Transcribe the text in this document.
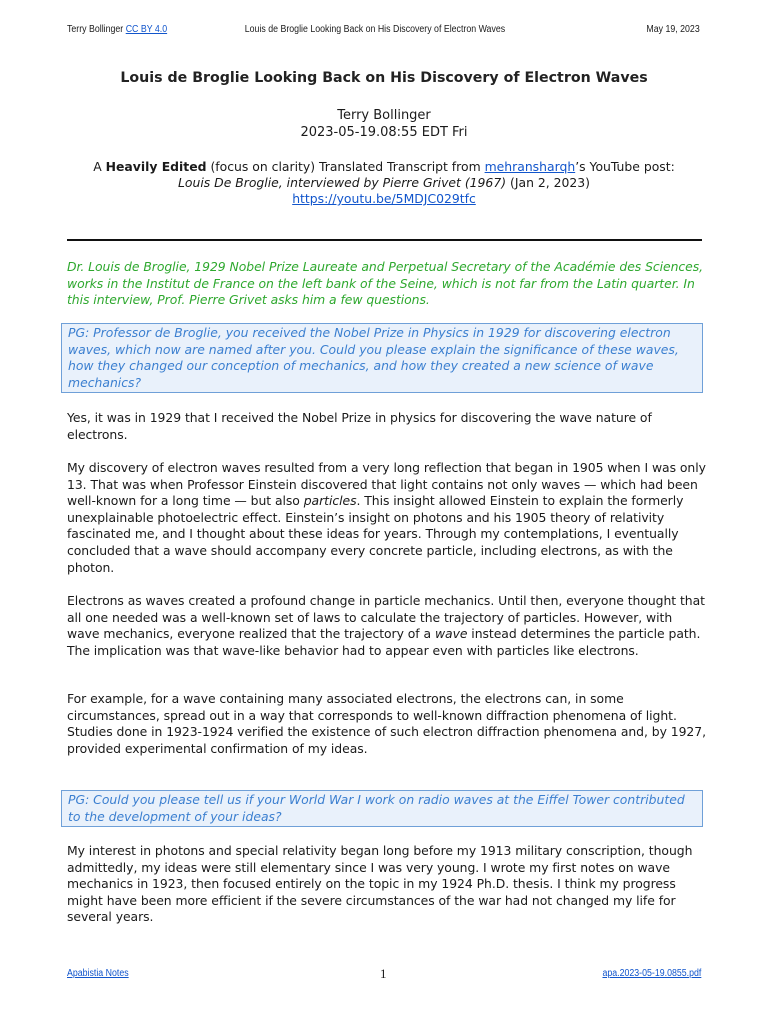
Terry Bollinger CC BY 4.0	Louis de Broglie Looking Back on His Discovery of Electron Waves	May 19, 2023
Louis de Broglie Looking Back on His Discovery of Electron Waves
Terry Bollinger
2023-05-19.08:55 EDT Fri
A Heavily Edited (focus on clarity) Translated Transcript from mehransharqh’s YouTube post:
Louis De Broglie, interviewed by Pierre Grivet (1967) (Jan 2, 2023)
https://youtu.be/5MDJC029tfc
Dr. Louis de Broglie, 1929 Nobel Prize Laureate and Perpetual Secretary of the Académie des Sciences, works in the Institut de France on the left bank of the Seine, which is not far from the Latin quarter. In this interview, Prof. Pierre Grivet asks him a few questions.
PG: Professor de Broglie, you received the Nobel Prize in Physics in 1929 for discovering electron waves, which now are named after you. Could you please explain the significance of these waves, how they changed our conception of mechanics, and how they created a new science of wave mechanics?
Yes, it was in 1929 that I received the Nobel Prize in physics for discovering the wave nature of electrons.
My discovery of electron waves resulted from a very long reflection that began in 1905 when I was only 13. That was when Professor Einstein discovered that light contains not only waves — which had been well-known for a long time — but also particles. This insight allowed Einstein to explain the formerly unexplainable photoelectric effect. Einstein’s insight on photons and his 1905 theory of relativity fascinated me, and I thought about these ideas for years. Through my contemplations, I eventually concluded that a wave should accompany every concrete particle, including electrons, as with the photon.
Electrons as waves created a profound change in particle mechanics. Until then, everyone thought that all one needed was a well-known set of laws to calculate the trajectory of particles. However, with wave mechanics, everyone realized that the trajectory of a wave instead determines the particle path. The implication was that wave-like behavior had to appear even with particles like electrons.
For example, for a wave containing many associated electrons, the electrons can, in some circumstances, spread out in a way that corresponds to well-known diffraction phenomena of light. Studies done in 1923-1924 verified the existence of such electron diffraction phenomena and, by 1927, provided experimental confirmation of my ideas.
PG: Could you please tell us if your World War I work on radio waves at the Eiffel Tower contributed to the development of your ideas?
My interest in photons and special relativity began long before my 1913 military conscription, though admittedly, my ideas were still elementary since I was very young. I wrote my first notes on wave mechanics in 1923, then focused entirely on the topic in my 1924 Ph.D. thesis. I think my progress might have been more efficient if the severe circumstances of the war had not changed my life for several years.
Apabistia Notes	1	apa.2023-05-19.0855.pdf
